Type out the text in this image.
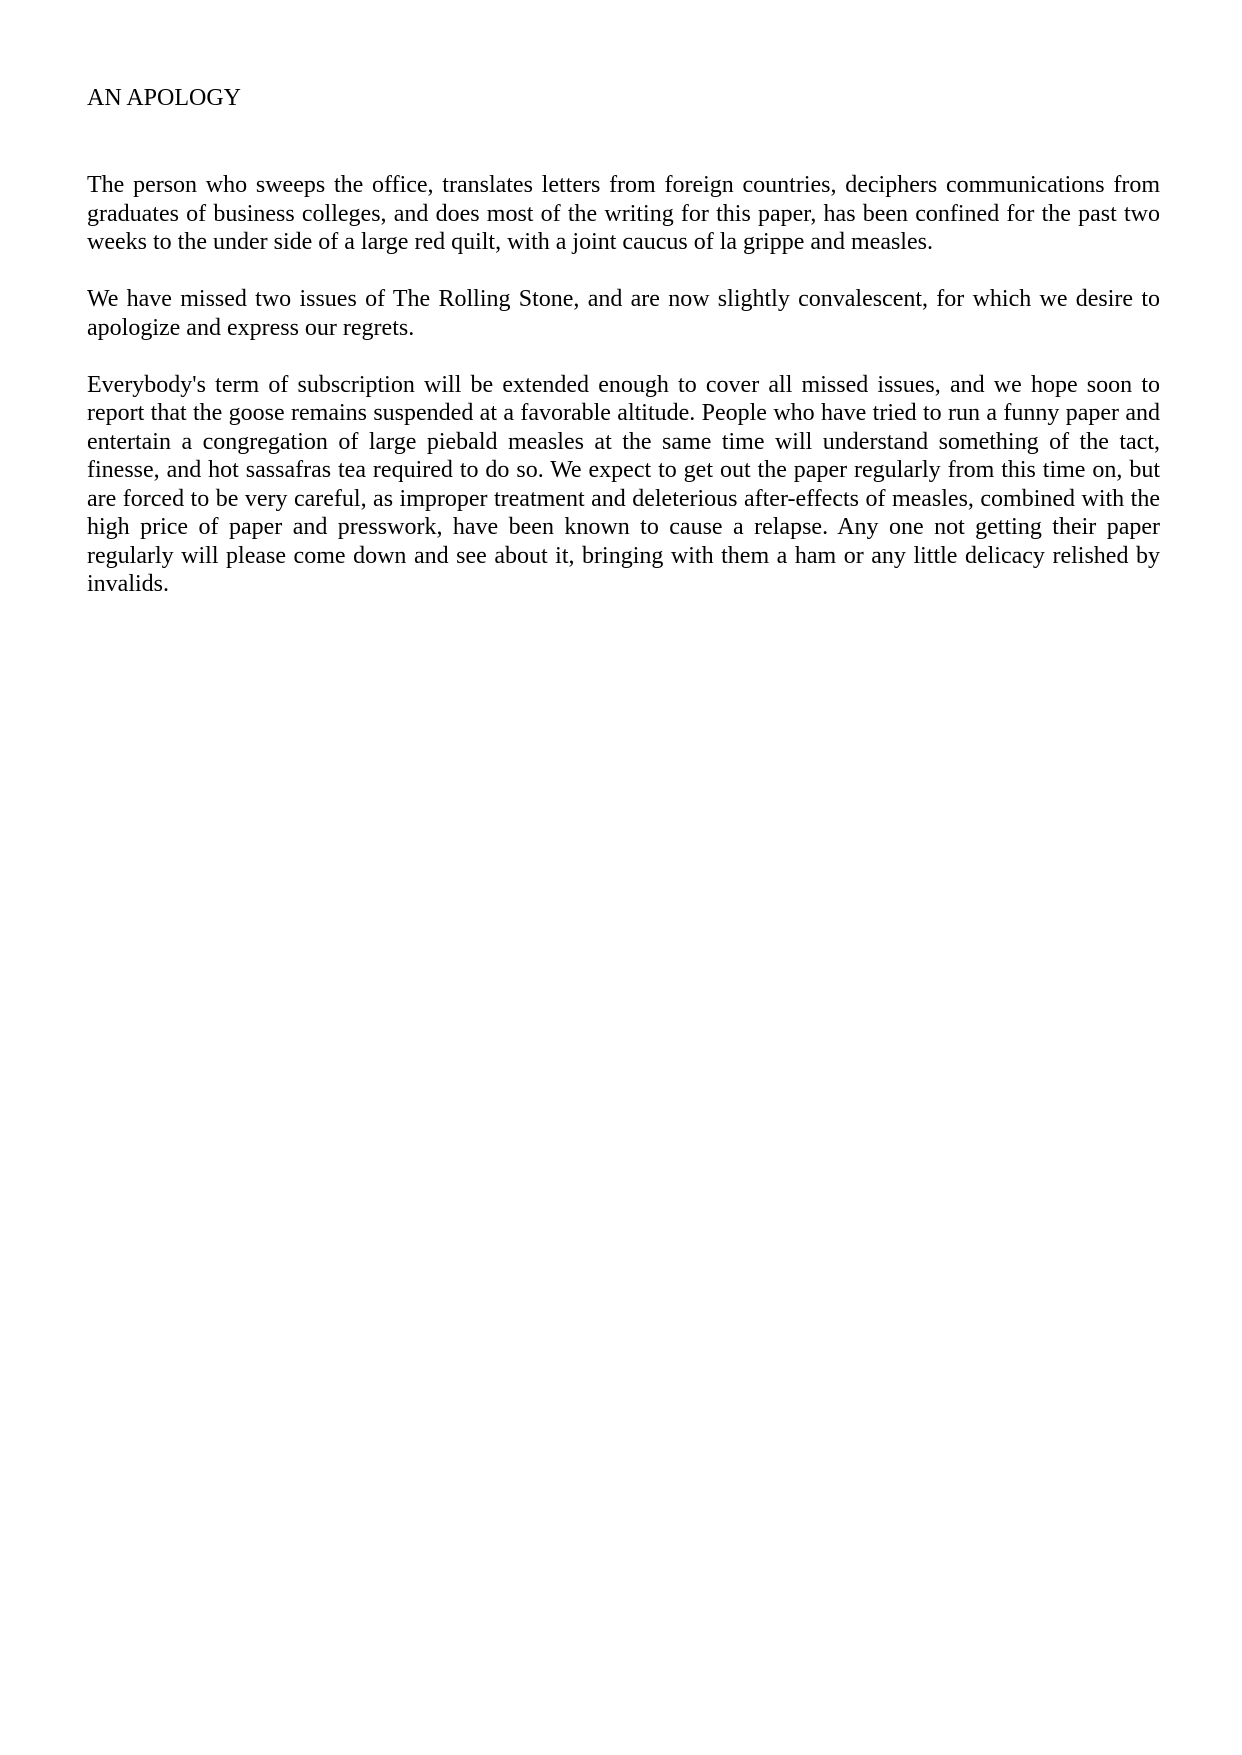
AN APOLOGY

The person who sweeps the office, translates letters from foreign countries, deciphers communications from graduates of business colleges, and does most of the writing for this paper, has been confined for the past two weeks to the under side of a large red quilt, with a joint caucus of la grippe and measles.

We have missed two issues of The Rolling Stone, and are now slightly convalescent, for which we desire to apologize and express our regrets.

Everybody's term of subscription will be extended enough to cover all missed issues, and we hope soon to report that the goose remains suspended at a favorable altitude. People who have tried to run a funny paper and entertain a congregation of large piebald measles at the same time will understand something of the tact, finesse, and hot sassafras tea required to do so. We expect to get out the paper regularly from this time on, but are forced to be very careful, as improper treatment and deleterious after-effects of measles, combined with the high price of paper and presswork, have been known to cause a relapse. Any one not getting their paper regularly will please come down and see about it, bringing with them a ham or any little delicacy relished by invalids.
